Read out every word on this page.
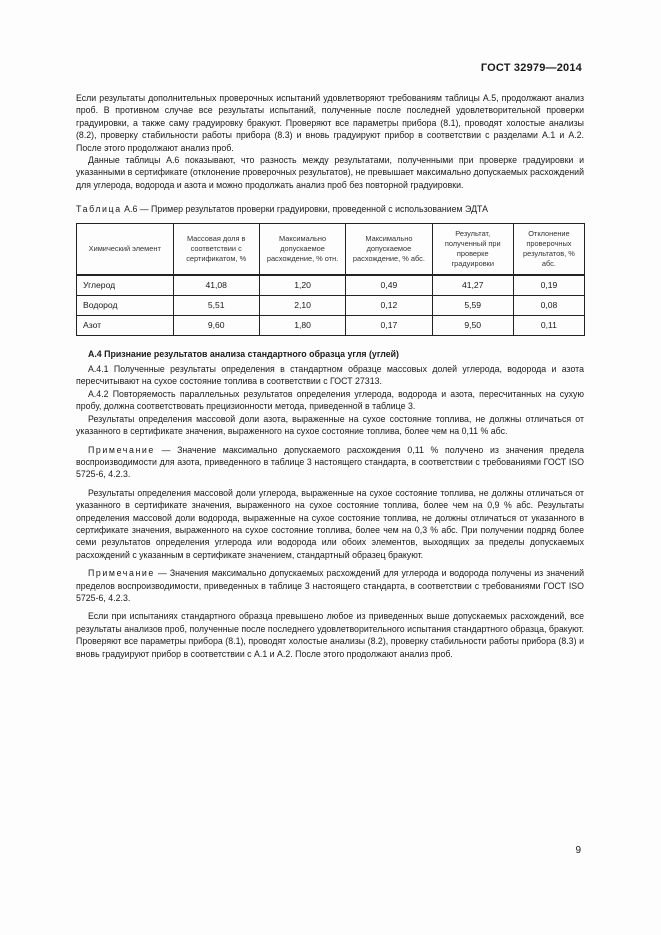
ГОСТ 32979—2014

Если результаты дополнительных проверочных испытаний удовлетворяют требованиям таблицы А.5, продолжают анализ проб. В противном случае все результаты испытаний, полученные после последней удовлетворительной проверки градуировки, а также саму градуировку бракуют. Проверяют все параметры прибора (8.1), проводят холостые анализы (8.2), проверку стабильности работы прибора (8.3) и вновь градуируют прибор в соответствии с разделами А.1 и А.2. После этого продолжают анализ проб.

Данные таблицы А.6 показывают, что разность между результатами, полученными при проверке градуировки и указанными в сертификате (отклонение проверочных результатов), не превышает максимально допускаемых расхождений для углерода, водорода и азота и можно продолжать анализ проб без повторной градуировки.

Таблица А.6 — Пример результатов проверки градуировки, проведенной с использованием ЭДТА
Химический элемент	Массовая доля в соответствии с сертификатом, %	Максимально допускаемое расхождение, % отн.	Максимально допускаемое расхождение, % абс.	Результат, полученный при проверке градуировки	Отклонение проверочных результатов, % абс.
Углерод	41,08	1,20	0,49	41,27	0,19
Водород	5,51	2,10	0,12	5,59	0,08
Азот	9,60	1,80	0,17	9,50	0,11
А.4 Признание результатов анализа стандартного образца угля (углей)

А.4.1 Полученные результаты определения в стандартном образце массовых долей углерода, водорода и азота пересчитывают на сухое состояние топлива в соответствии с ГОСТ 27313.

А.4.2 Повторяемость параллельных результатов определения углерода, водорода и азота, пересчитанных на сухую пробу, должна соответствовать прецизионности метода, приведенной в таблице 3.

Результаты определения массовой доли азота, выраженные на сухое состояние топлива, не должны отличаться от указанного в сертификате значения, выраженного на сухое состояние топлива, более чем на 0,11 % абс.

Примечание — Значение максимально допускаемого расхождения 0,11 % получено из значения предела воспроизводимости для азота, приведенного в таблице 3 настоящего стандарта, в соответствии с требованиями ГОСТ ISO 5725-6, 4.2.3.

Результаты определения массовой доли углерода, выраженные на сухое состояние топлива, не должны отличаться от указанного в сертификате значения, выраженного на сухое состояние топлива, более чем на 0,9 % абс. Результаты определения массовой доли водорода, выраженные на сухое состояние топлива, не должны отличаться от указанного в сертификате значения, выраженного на сухое состояние топлива, более чем на 0,3 % абс. При получении подряд более семи результатов определения углерода или водорода или обоих элементов, выходящих за пределы допускаемых расхождений с указанным в сертификате значением, стандартный образец бракуют.

Примечание — Значения максимально допускаемых расхождений для углерода и водорода получены из значений пределов воспроизводимости, приведенных в таблице 3 настоящего стандарта, в соответствии с требованиями ГОСТ ISO 5725-6, 4.2.3.

Если при испытаниях стандартного образца превышено любое из приведенных выше допускаемых расхождений, все результаты анализов проб, полученные после последнего удовлетворительного испытания стандартного образца, бракуют. Проверяют все параметры прибора (8.1), проводят холостые анализы (8.2), проверку стабильности работы прибора (8.3) и вновь градуируют прибор в соответствии с А.1 и А.2. После этого продолжают анализ проб.

9
